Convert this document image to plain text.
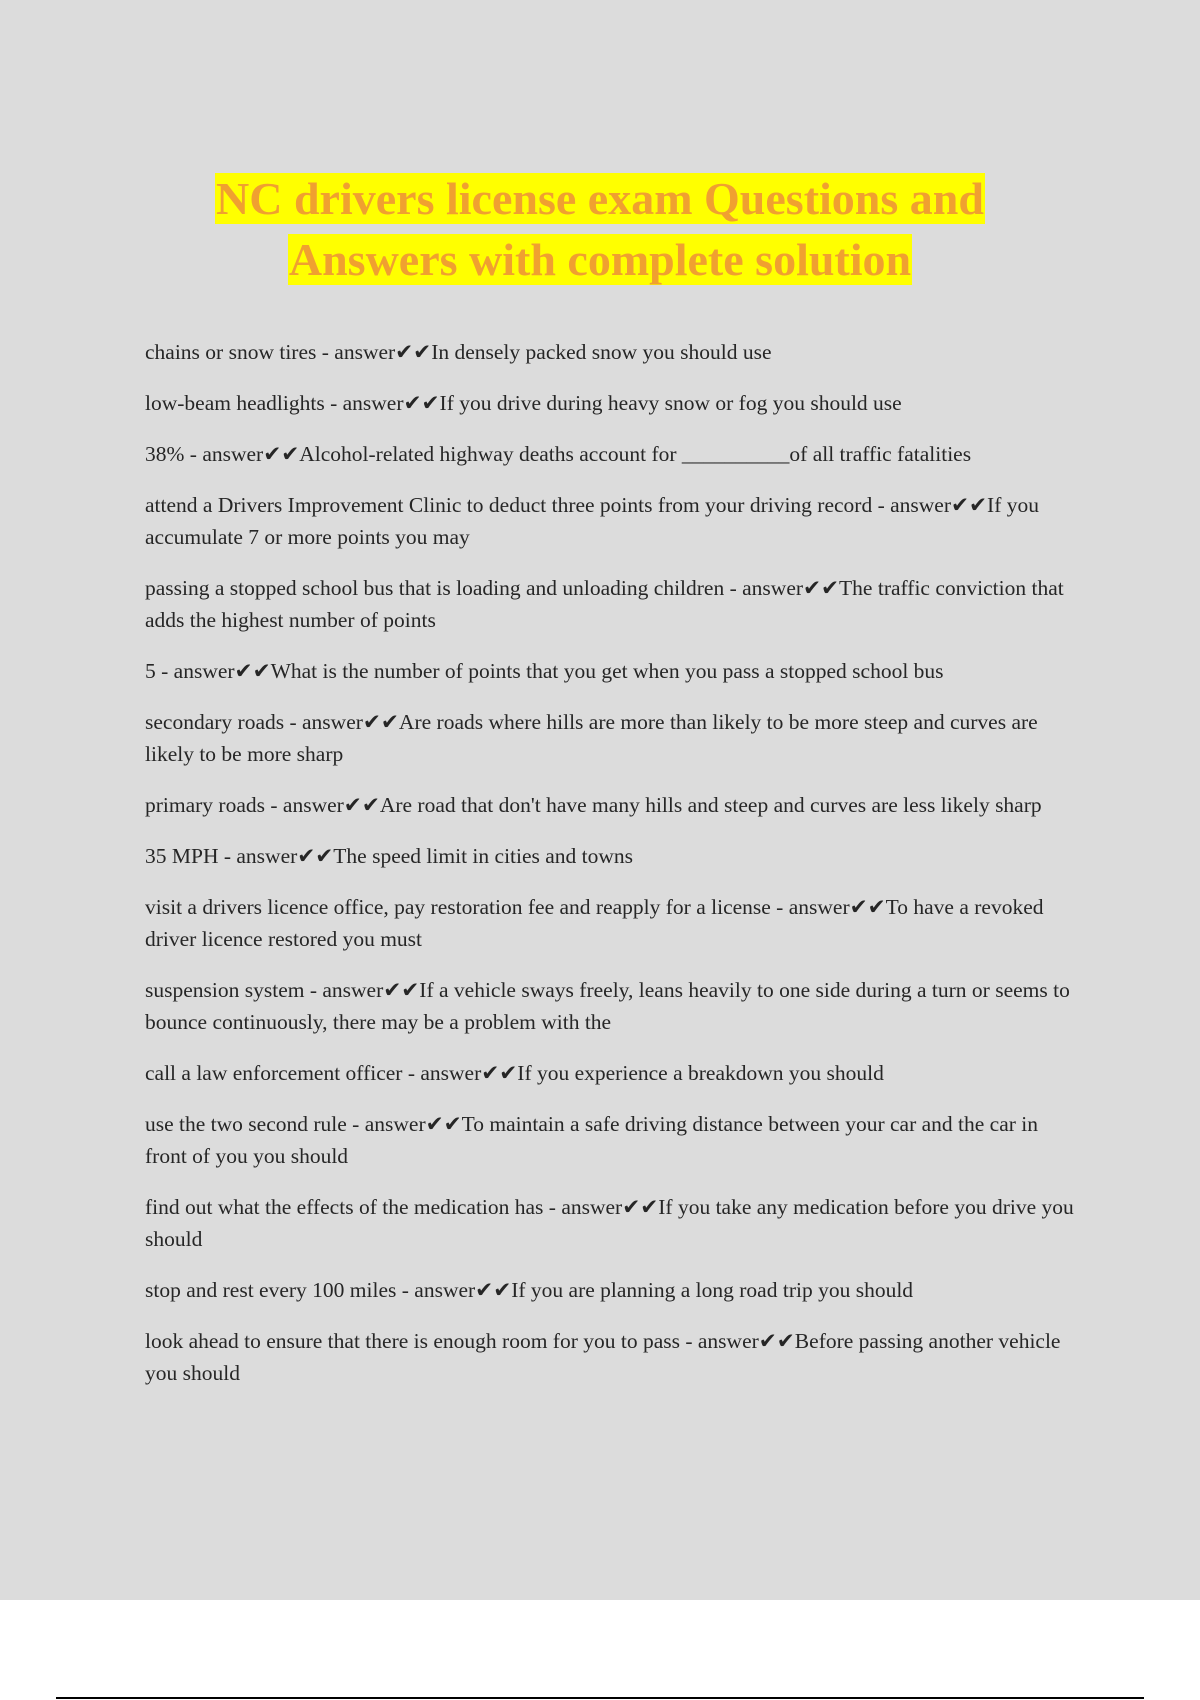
NC drivers license exam Questions and
Answers with complete solution
chains or snow tires - answer✔✔In densely packed snow you should use
low-beam headlights - answer✔✔If you drive during heavy snow or fog you should use
38% - answer✔✔Alcohol-related highway deaths account for __________of all traffic fatalities
attend a Drivers Improvement Clinic to deduct three points from your driving record - answer✔✔If you accumulate 7 or more points you may
passing a stopped school bus that is loading and unloading children - answer✔✔The traffic conviction that adds the highest number of points
5 - answer✔✔What is the number of points that you get when you pass a stopped school bus
secondary roads - answer✔✔Are roads where hills are more than likely to be more steep and curves are likely to be more sharp
primary roads - answer✔✔Are road that don't have many hills and steep and curves are less likely sharp
35 MPH - answer✔✔The speed limit in cities and towns
visit a drivers licence office, pay restoration fee and reapply for a license - answer✔✔To have a revoked driver licence restored you must
suspension system - answer✔✔If a vehicle sways freely, leans heavily to one side during a turn or seems to bounce continuously, there may be a problem with the
call a law enforcement officer - answer✔✔If you experience a breakdown you should
use the two second rule - answer✔✔To maintain a safe driving distance between your car and the car in front of you you should
find out what the effects of the medication has - answer✔✔If you take any medication before you drive you should
stop and rest every 100 miles - answer✔✔If you are planning a long road trip you should
look ahead to ensure that there is enough room for you to pass - answer✔✔Before passing another vehicle you should
